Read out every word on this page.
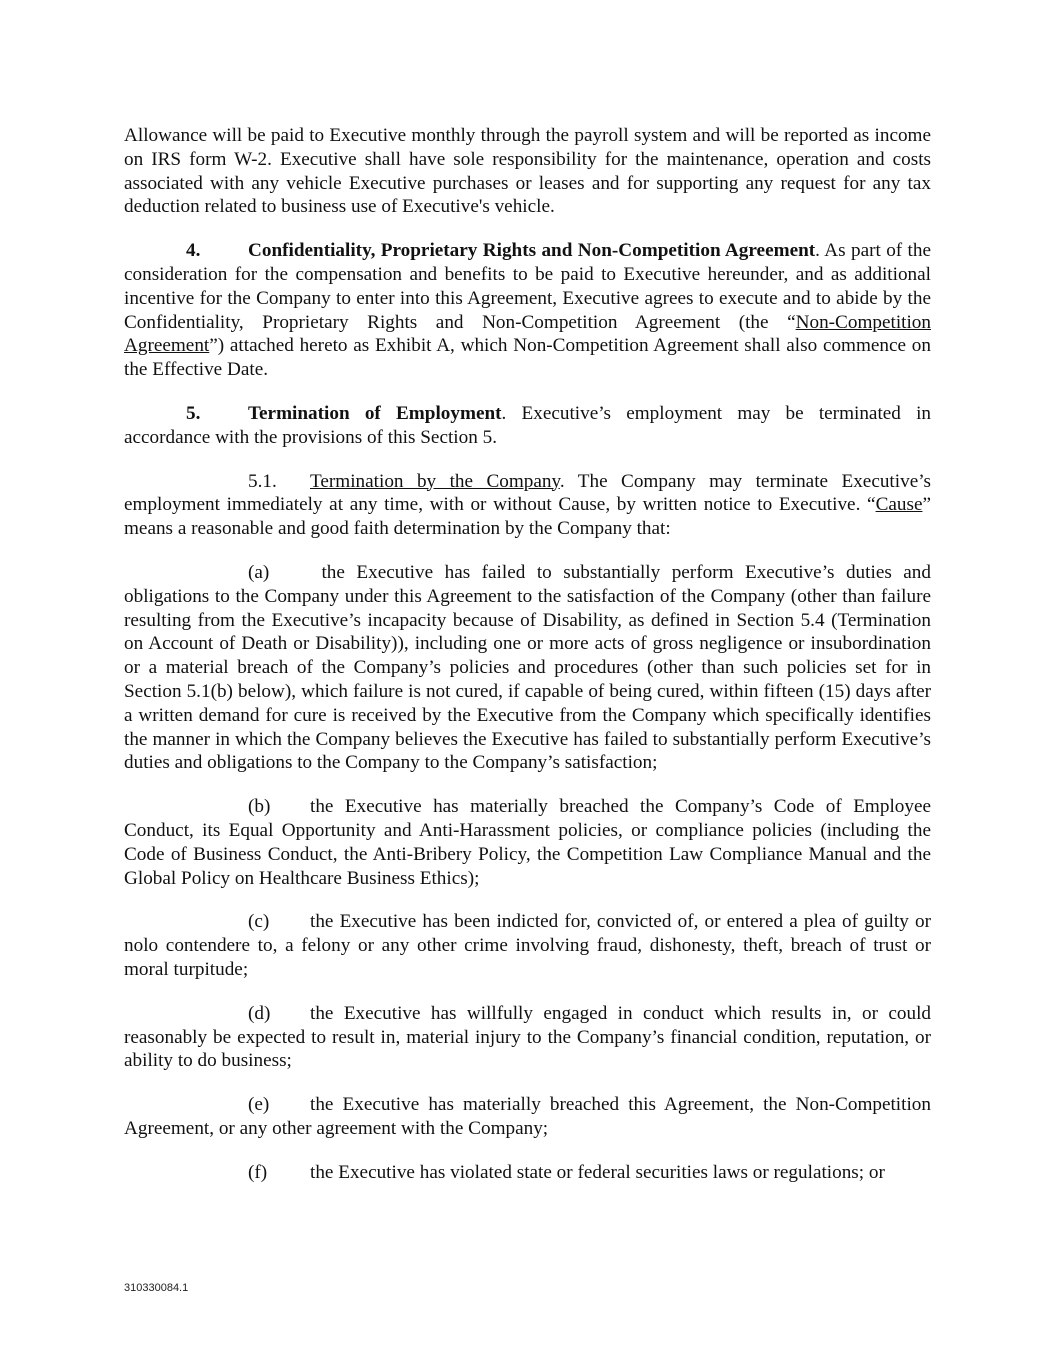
Allowance will be paid to Executive monthly through the payroll system and will be reported as income on IRS form W-2. Executive shall have sole responsibility for the maintenance, operation and costs associated with any vehicle Executive purchases or leases and for supporting any request for any tax deduction related to business use of Executive's vehicle.

4. Confidentiality, Proprietary Rights and Non-Competition Agreement. As part of the consideration for the compensation and benefits to be paid to Executive hereunder, and as additional incentive for the Company to enter into this Agreement, Executive agrees to execute and to abide by the Confidentiality, Proprietary Rights and Non-Competition Agreement (the “Non-Competition Agreement”) attached hereto as Exhibit A, which Non-Competition Agreement shall also commence on the Effective Date.

5. Termination of Employment. Executive’s employment may be terminated in accordance with the provisions of this Section 5.

5.1. Termination by the Company. The Company may terminate Executive’s employment immediately at any time, with or without Cause, by written notice to Executive. “Cause” means a reasonable and good faith determination by the Company that:

(a) the Executive has failed to substantially perform Executive’s duties and obligations to the Company under this Agreement to the satisfaction of the Company (other than failure resulting from the Executive’s incapacity because of Disability, as defined in Section 5.4 (Termination on Account of Death or Disability)), including one or more acts of gross negligence or insubordination or a material breach of the Company’s policies and procedures (other than such policies set for in Section 5.1(b) below), which failure is not cured, if capable of being cured, within fifteen (15) days after a written demand for cure is received by the Executive from the Company which specifically identifies the manner in which the Company believes the Executive has failed to substantially perform Executive’s duties and obligations to the Company to the Company’s satisfaction;

(b) the Executive has materially breached the Company’s Code of Employee Conduct, its Equal Opportunity and Anti-Harassment policies, or compliance policies (including the Code of Business Conduct, the Anti-Bribery Policy, the Competition Law Compliance Manual and the Global Policy on Healthcare Business Ethics);

(c) the Executive has been indicted for, convicted of, or entered a plea of guilty or nolo contendere to, a felony or any other crime involving fraud, dishonesty, theft, breach of trust or moral turpitude;

(d) the Executive has willfully engaged in conduct which results in, or could reasonably be expected to result in, material injury to the Company’s financial condition, reputation, or ability to do business;

(e) the Executive has materially breached this Agreement, the Non-Competition Agreement, or any other agreement with the Company;

(f) the Executive has violated state or federal securities laws or regulations; or

310330084.1
